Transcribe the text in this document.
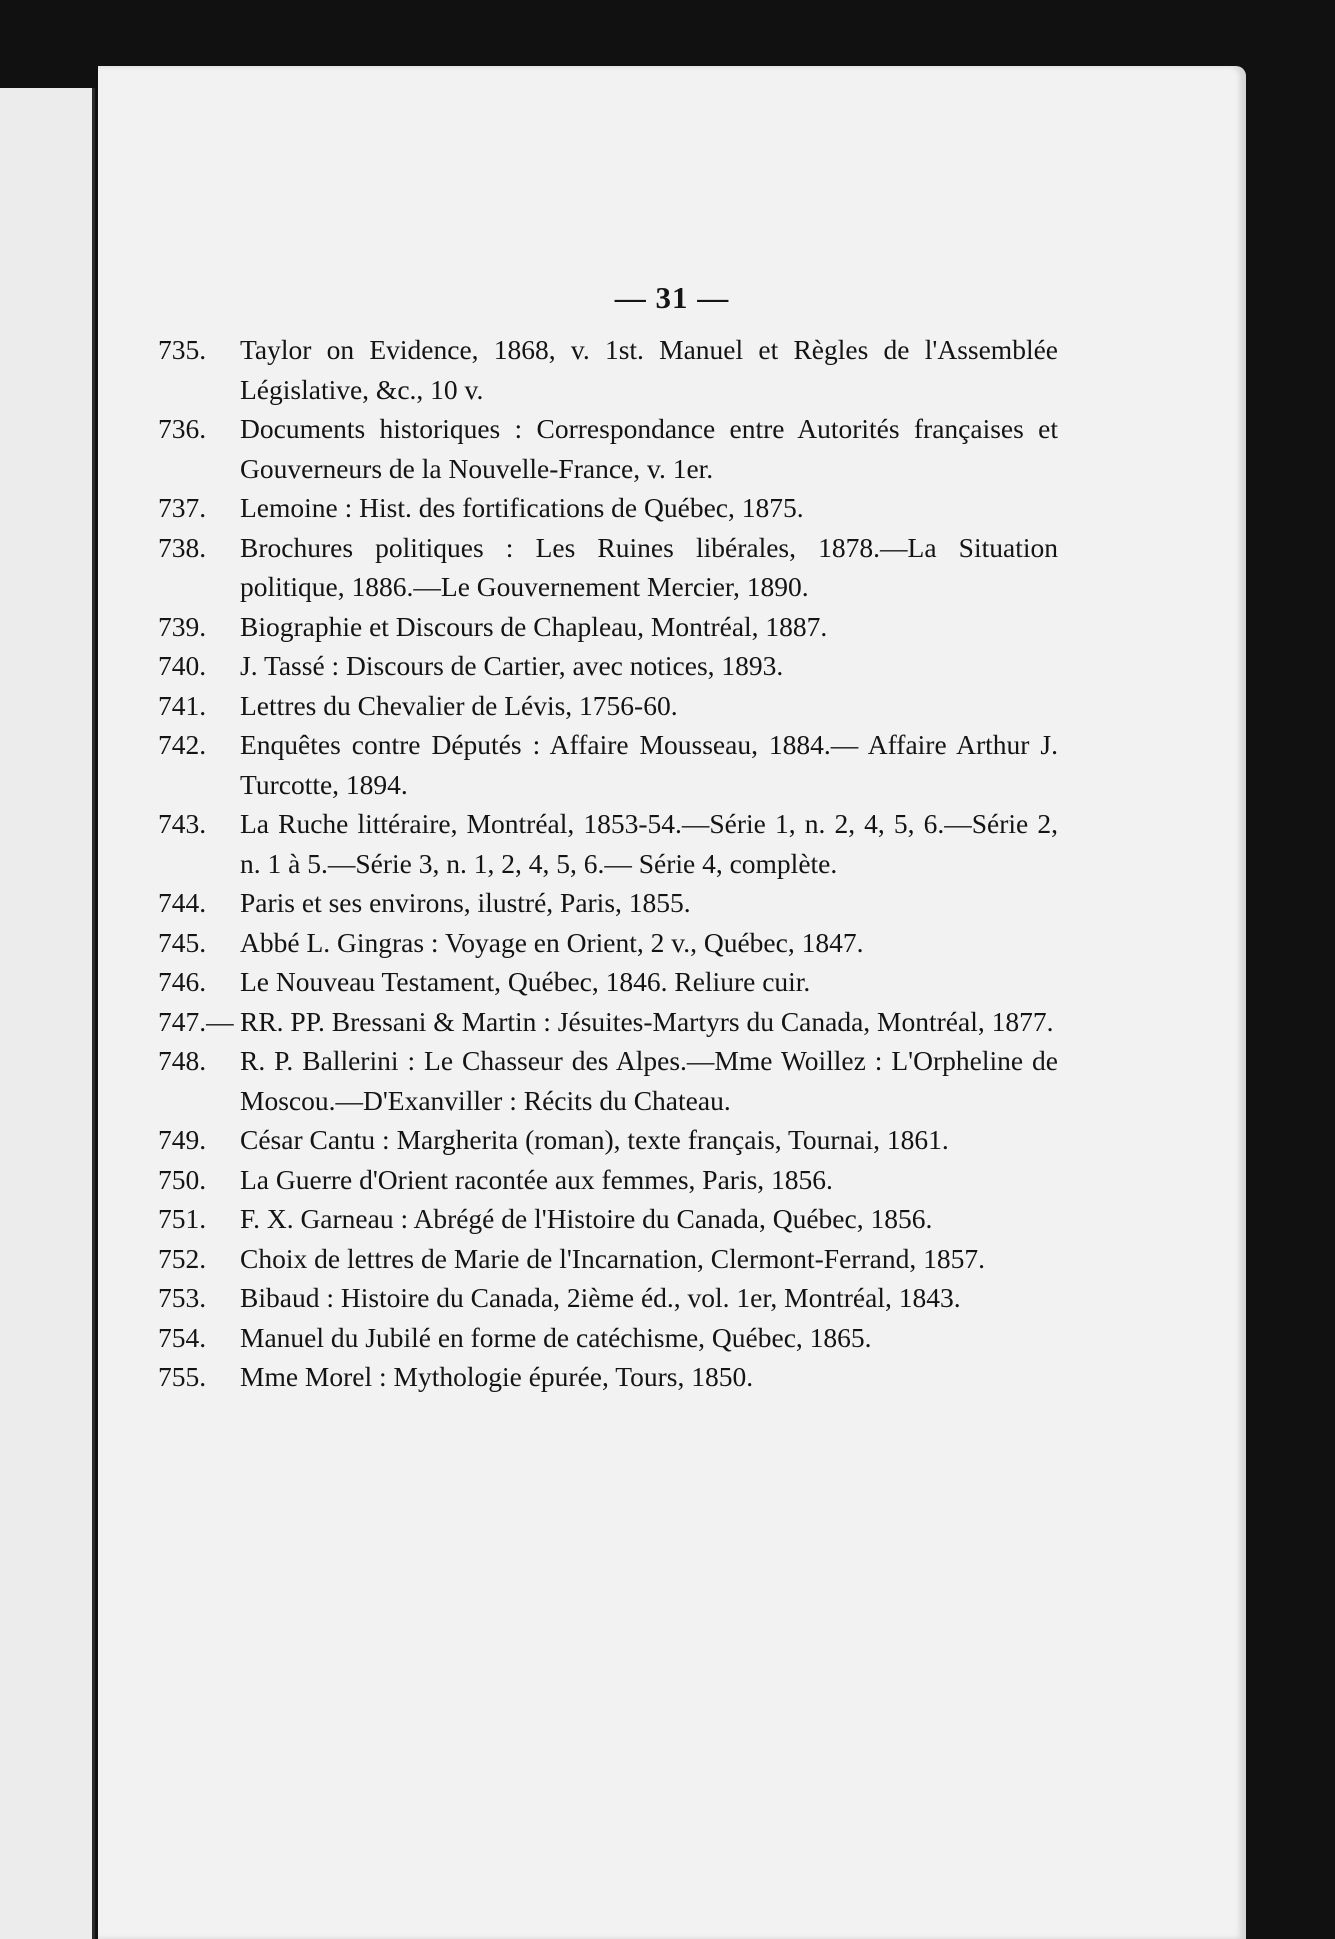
— 31 —
735.	Taylor on Evidence, 1868, v. 1st. Manuel et Règles de l'Assemblée Législative, &c., 10 v.
736.	Documents historiques : Correspondance entre Autorités françaises et Gouverneurs de la Nouvelle-France, v. 1er.
737.	Lemoine : Hist. des fortifications de Québec, 1875.
738.	Brochures politiques : Les Ruines libérales, 1878.—La Situation politique, 1886.—Le Gouvernement Mercier, 1890.
739.	Biographie et Discours de Chapleau, Montréal, 1887.
740.	J. Tassé : Discours de Cartier, avec notices, 1893.
741.	Lettres du Chevalier de Lévis, 1756-60.
742.	Enquêtes contre Députés : Affaire Mousseau, 1884.— Affaire Arthur J. Turcotte, 1894.
743.	La Ruche littéraire, Montréal, 1853-54.—Série 1, n. 2, 4, 5, 6.—Série 2, n. 1 à 5.—Série 3, n. 1, 2, 4, 5, 6.— Série 4, complète.
744.	Paris et ses environs, ilustré, Paris, 1855.
745.	Abbé L. Gingras : Voyage en Orient, 2 v., Québec, 1847.
746.	Le Nouveau Testament, Québec, 1846. Reliure cuir.
747.— RR. PP. Bressani & Martin : Jésuites-Martyrs du Canada, Montréal, 1877.
748.	R. P. Ballerini : Le Chasseur des Alpes.—Mme Woillez : L'Orpheline de Moscou.—D'Exanviller : Récits du Chateau.
749.	César Cantu : Margherita (roman), texte français, Tournai, 1861.
750.	La Guerre d'Orient racontée aux femmes, Paris, 1856.
751.	F. X. Garneau : Abrégé de l'Histoire du Canada, Québec, 1856.
752.	Choix de lettres de Marie de l'Incarnation, Clermont-Ferrand, 1857.
753.	Bibaud : Histoire du Canada, 2ième éd., vol. 1er, Montréal, 1843.
754.	Manuel du Jubilé en forme de catéchisme, Québec, 1865.
755.	Mme Morel : Mythologie épurée, Tours, 1850.
